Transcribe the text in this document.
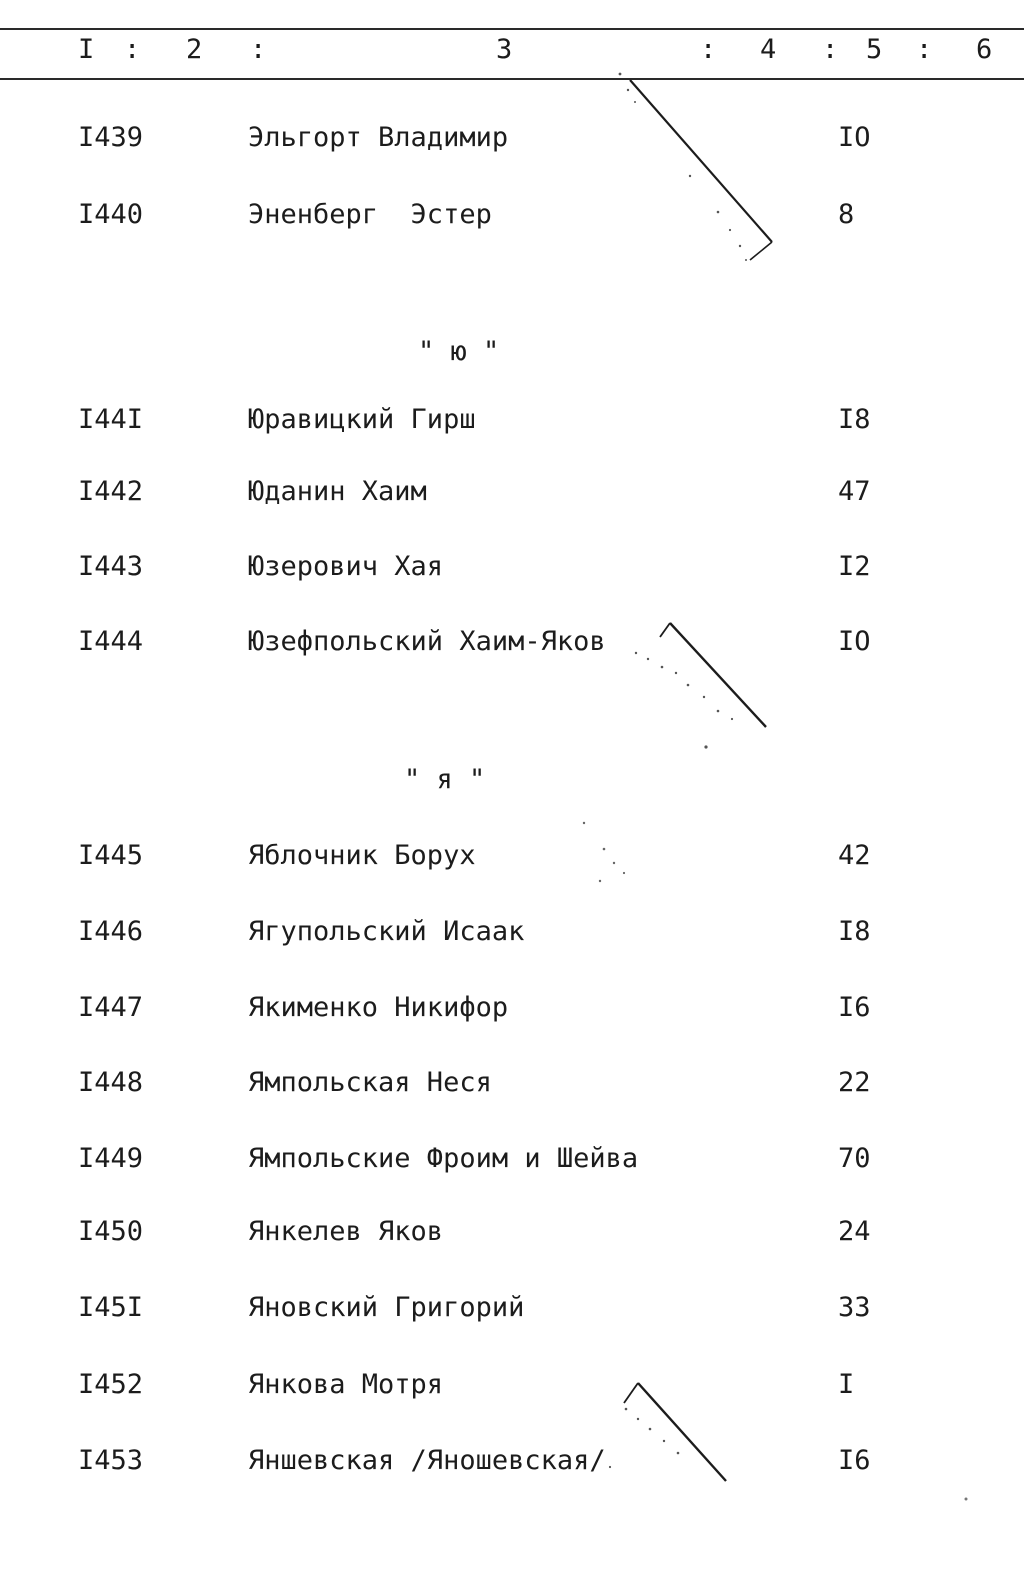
I : 2 :	3	: 4 : 5 : 6
I439	Эльгорт Владимир	IO
I440	Эненберг  Эстер	8
" ю "
I44I	Юравицкий Гирш	I8
I442	Юданин Хаим	47
I443	Юзерович Хая	I2
I444	Юзефпольский Хаим-Яков	IO
" я "
I445	Яблочник Борух	42
I446	Ягупольский Исаак	I8
I447	Якименко Никифор	I6
I448	Ямпольская Неся	22
I449	Ямпольские Фроим и Шейва	70
I450	Янкелев Яков	24
I45I	Яновский Григорий	33
I452	Янкова Мотря	I
I453	Яншевская /Яношевская/	I6
